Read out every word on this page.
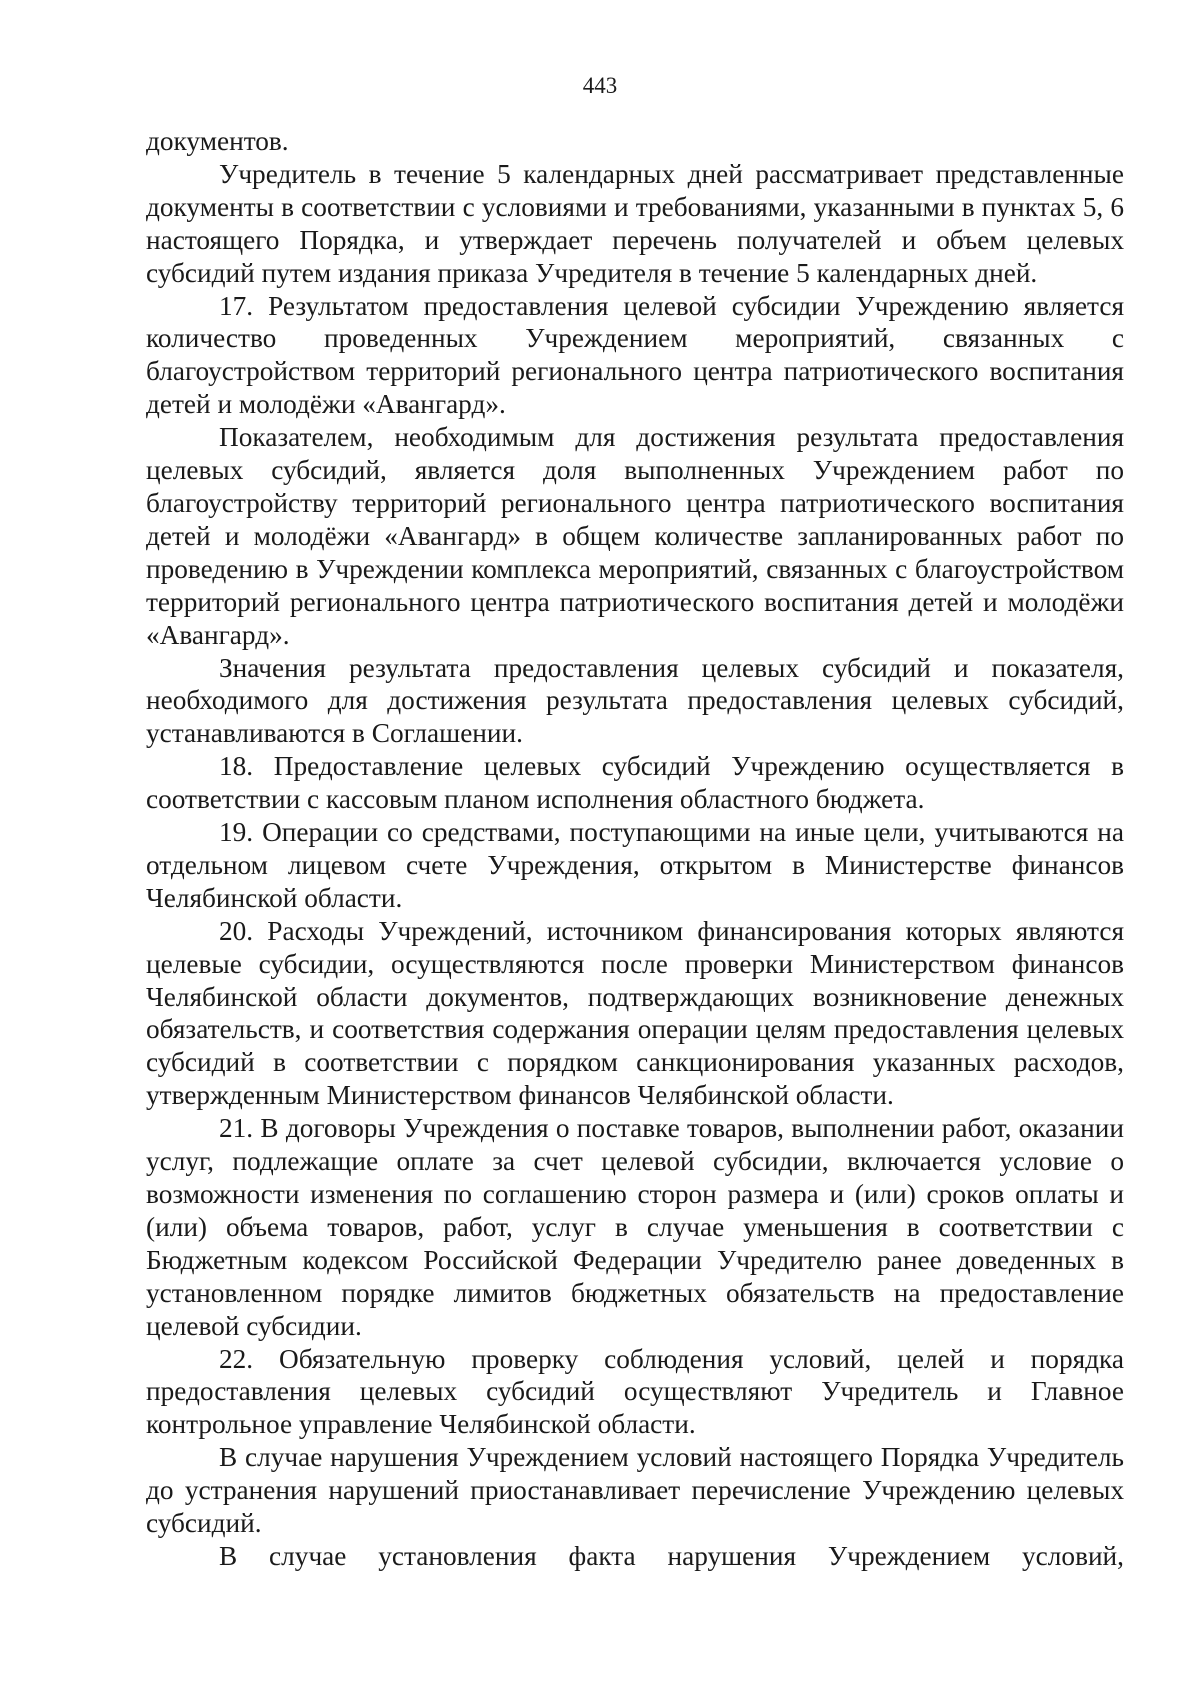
443

документов.

Учредитель в течение 5 календарных дней рассматривает представленные документы в соответствии с условиями и требованиями, указанными в пунктах 5, 6 настоящего Порядка, и утверждает перечень получателей и объем целевых субсидий путем издания приказа Учредителя в течение 5 календарных дней.

17. Результатом предоставления целевой субсидии Учреждению является количество проведенных Учреждением мероприятий, связанных с благоустройством территорий регионального центра патриотического воспитания детей и молодёжи «Авангард».

Показателем, необходимым для достижения результата предоставления целевых субсидий, является доля выполненных Учреждением работ по благоустройству территорий регионального центра патриотического воспитания детей и молодёжи «Авангард» в общем количестве запланированных работ по проведению в Учреждении комплекса мероприятий, связанных с благоустройством территорий регионального центра патриотического воспитания детей и молодёжи «Авангард».

Значения результата предоставления целевых субсидий и показателя, необходимого для достижения результата предоставления целевых субсидий, устанавливаются в Соглашении.

18. Предоставление целевых субсидий Учреждению осуществляется в соответствии с кассовым планом исполнения областного бюджета.

19. Операции со средствами, поступающими на иные цели, учитываются на отдельном лицевом счете Учреждения, открытом в Министерстве финансов Челябинской области.

20. Расходы Учреждений, источником финансирования которых являются целевые субсидии, осуществляются после проверки Министерством финансов Челябинской области документов, подтверждающих возникновение денежных обязательств, и соответствия содержания операции целям предоставления целевых субсидий в соответствии с порядком санкционирования указанных расходов, утвержденным Министерством финансов Челябинской области.

21. В договоры Учреждения о поставке товаров, выполнении работ, оказании услуг, подлежащие оплате за счет целевой субсидии, включается условие о возможности изменения по соглашению сторон размера и (или) сроков оплаты и (или) объема товаров, работ, услуг в случае уменьшения в соответствии с Бюджетным кодексом Российской Федерации Учредителю ранее доведенных в установленном порядке лимитов бюджетных обязательств на предоставление целевой субсидии.

22. Обязательную проверку соблюдения условий, целей и порядка предоставления целевых субсидий осуществляют Учредитель и Главное контрольное управление Челябинской области.

В случае нарушения Учреждением условий настоящего Порядка Учредитель до устранения нарушений приостанавливает перечисление Учреждению целевых субсидий.

В случае установления факта нарушения Учреждением условий,
